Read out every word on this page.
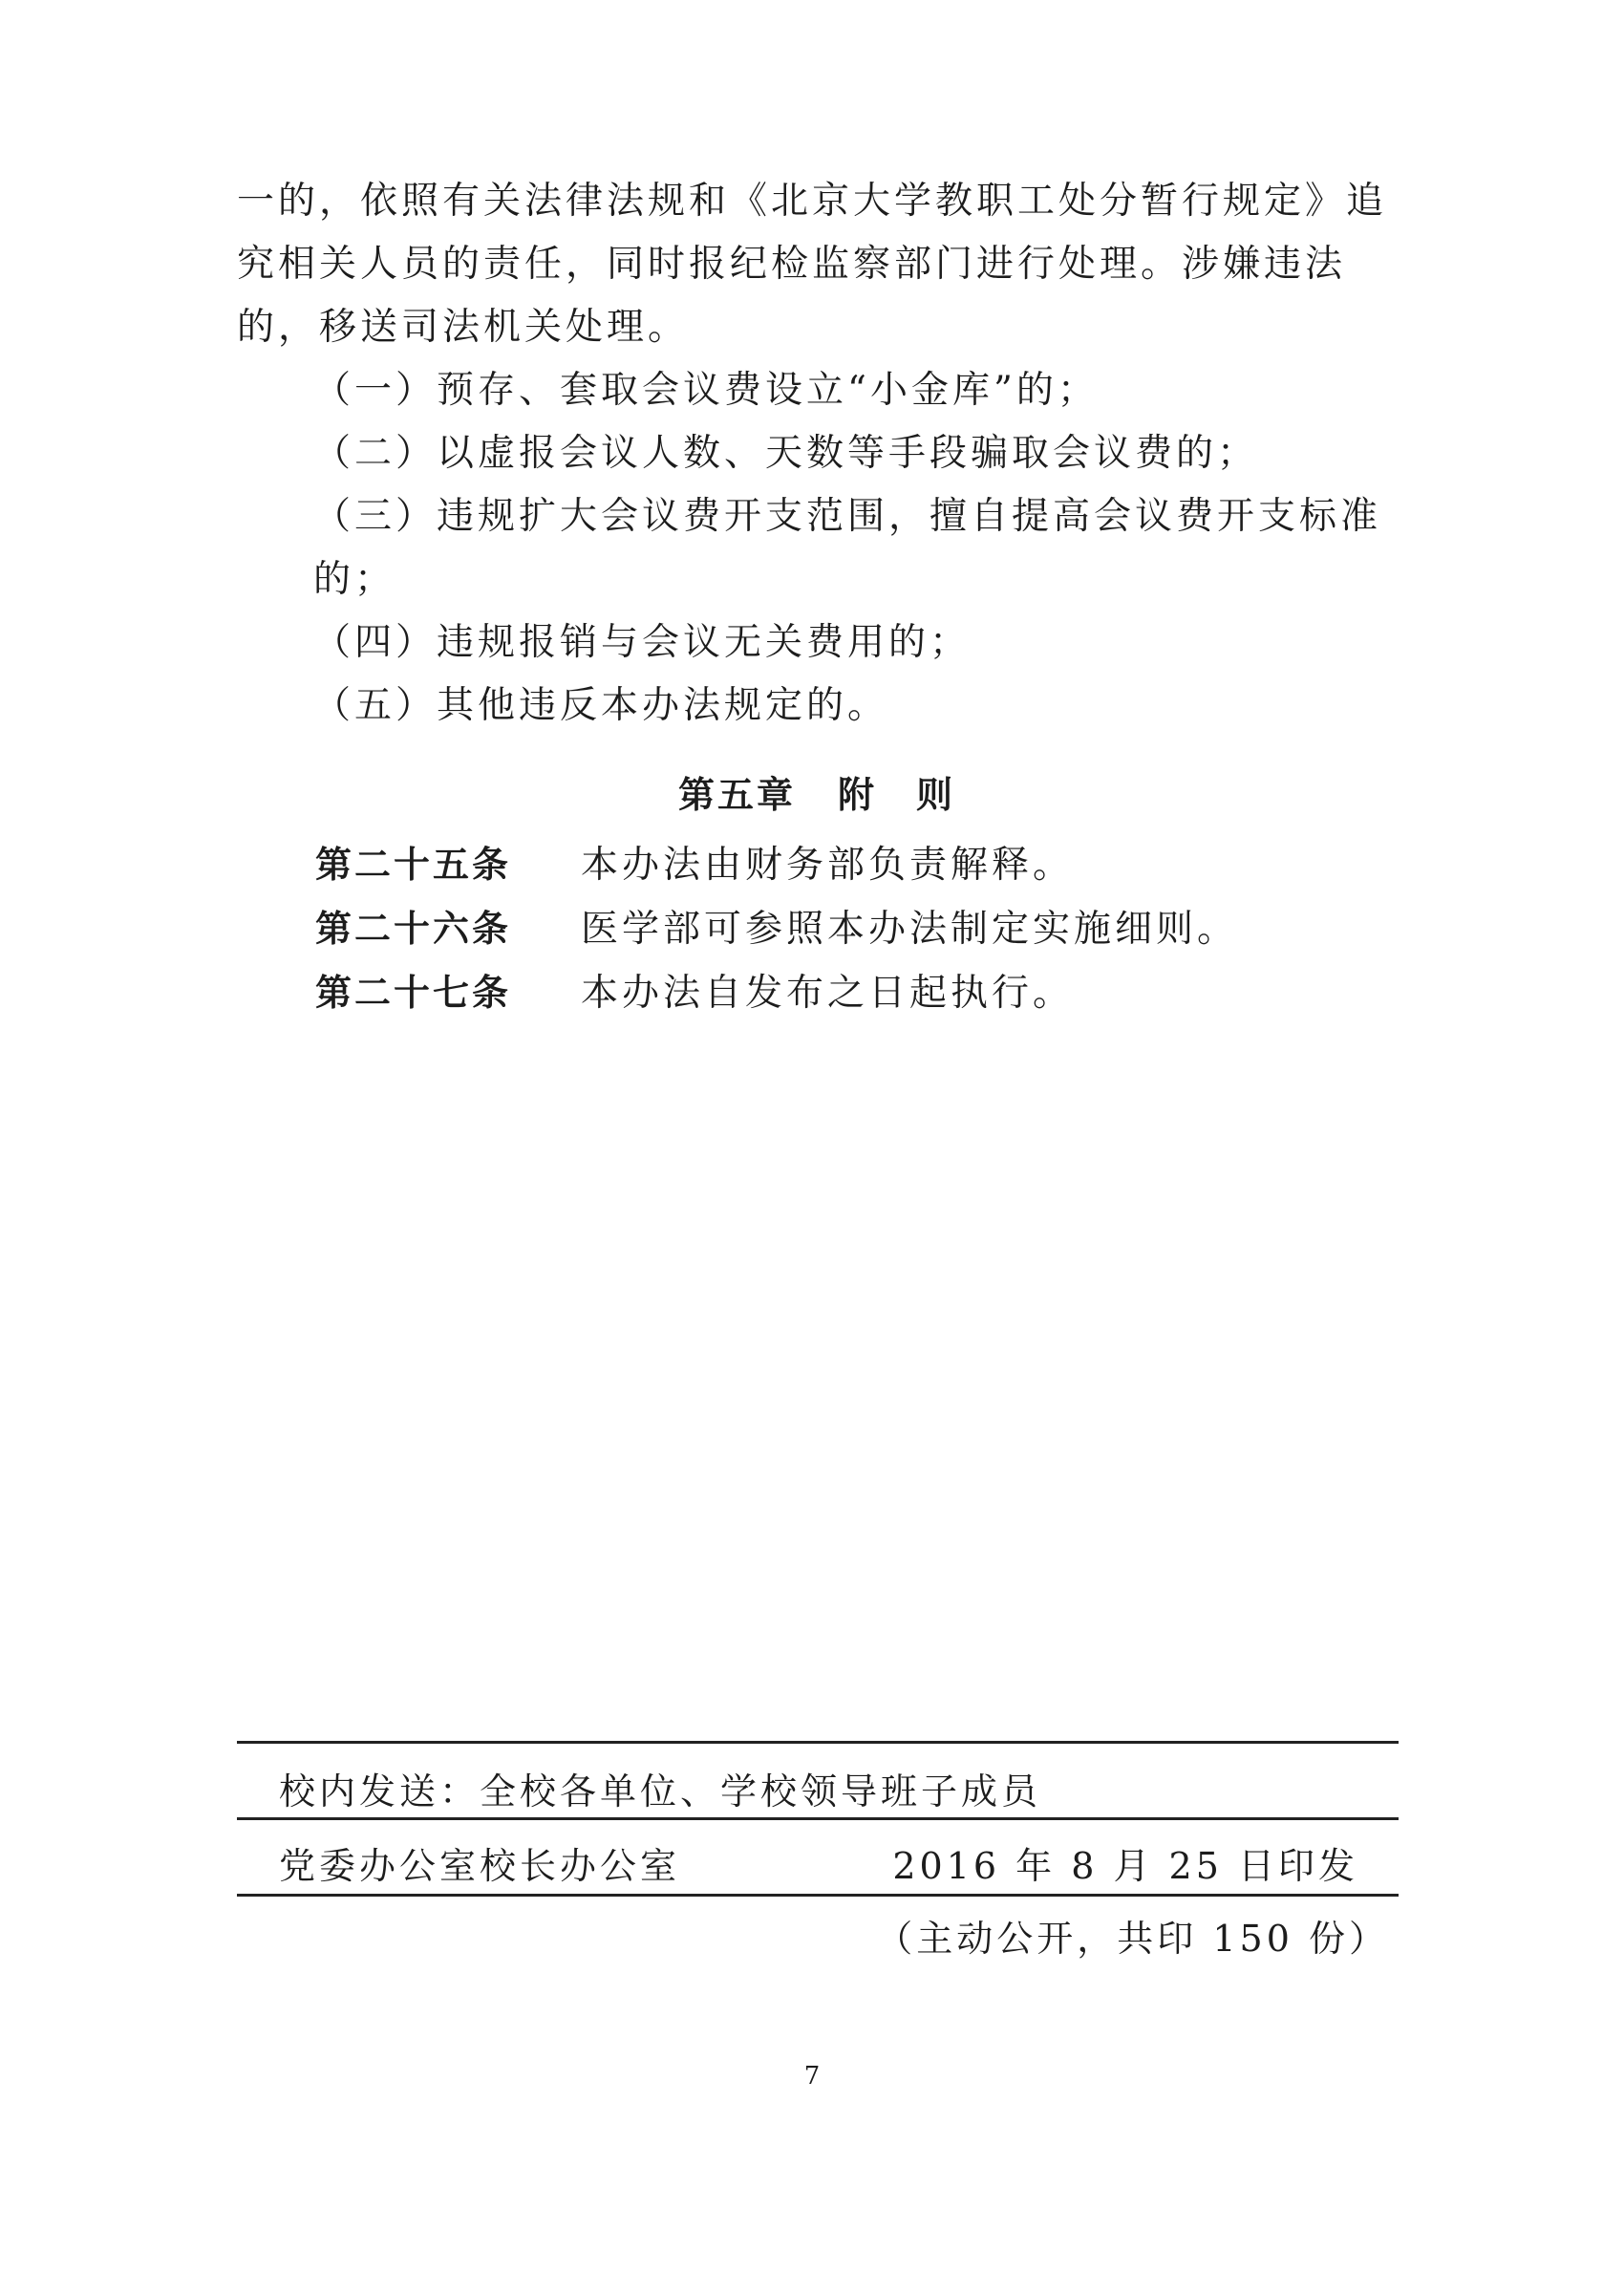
一的，依照有关法律法规和《北京大学教职工处分暂行规定》追究相关人员的责任，同时报纪检监察部门进行处理。涉嫌违法的，移送司法机关处理。

（一）预存、套取会议费设立“小金库”的；

（二）以虚报会议人数、天数等手段骗取会议费的；

（三）违规扩大会议费开支范围，擅自提高会议费开支标准的；

（四）违规报销与会议无关费用的；

（五）其他违反本办法规定的。

第五章 附　则

第二十五条 本办法由财务部负责解释。

第二十六条 医学部可参照本办法制定实施细则。

第二十七条 本办法自发布之日起执行。

校内发送：全校各单位、学校领导班子成员
党委办公室校长办公室	2016 年 8 月 25 日印发
（主动公开，共印 150 份）
7
